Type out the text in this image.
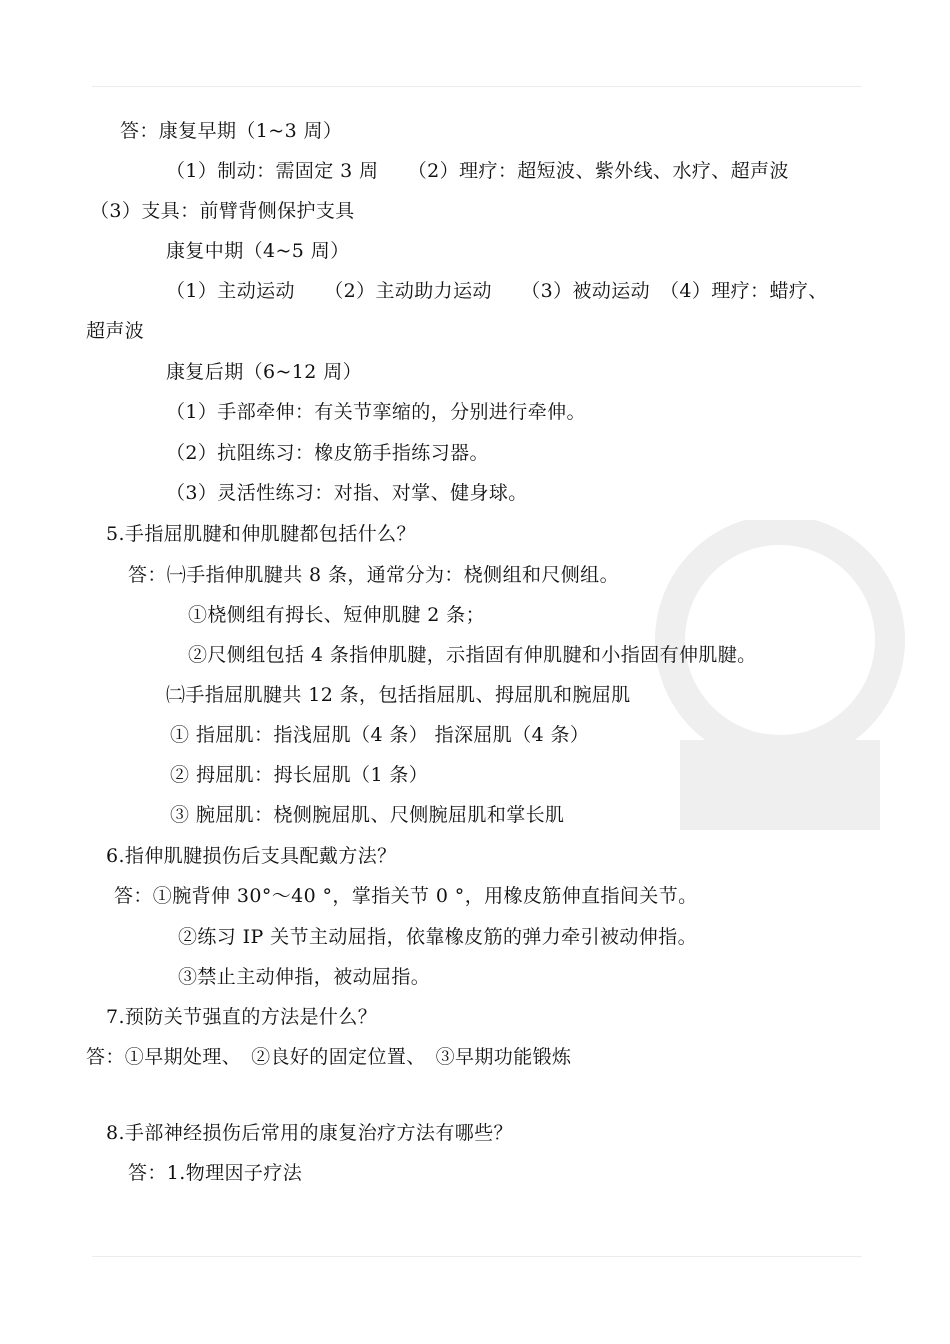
答：康复早期（1~3 周）
（1）制动：需固定 3 周　　（2）理疗：超短波、紫外线、水疗、超声波
（3）支具：前臂背侧保护支具
康复中期（4~5 周）
（1）主动运动　　（2）主动助力运动　　（3）被动运动　（4）理疗：蜡疗、
超声波
康复后期（6~12 周）
（1）手部牵伸：有关节挛缩的，分别进行牵伸。
（2）抗阻练习：橡皮筋手指练习器。
（3）灵活性练习：对指、对掌、健身球。
5.手指屈肌腱和伸肌腱都包括什么？
答：㈠手指伸肌腱共 8 条，通常分为：桡侧组和尺侧组。
①桡侧组有拇长、短伸肌腱 2 条；
②尺侧组包括 4 条指伸肌腱，示指固有伸肌腱和小指固有伸肌腱。
㈡手指屈肌腱共 12 条，包括指屈肌、拇屈肌和腕屈肌
① 指屈肌：指浅屈肌（4 条） 指深屈肌（4 条）
② 拇屈肌：拇长屈肌（1 条）
③ 腕屈肌：桡侧腕屈肌、尺侧腕屈肌和掌长肌
6.指伸肌腱损伤后支具配戴方法？
答：①腕背伸 30°～40 °，掌指关节 0 °，用橡皮筋伸直指间关节。
②练习 IP 关节主动屈指，依靠橡皮筋的弹力牵引被动伸指。
③禁止主动伸指，被动屈指。
7.预防关节强直的方法是什么？
答：①早期处理、　②良好的固定位置、　③早期功能锻炼
8.手部神经损伤后常用的康复治疗方法有哪些？
答：1.物理因子疗法
